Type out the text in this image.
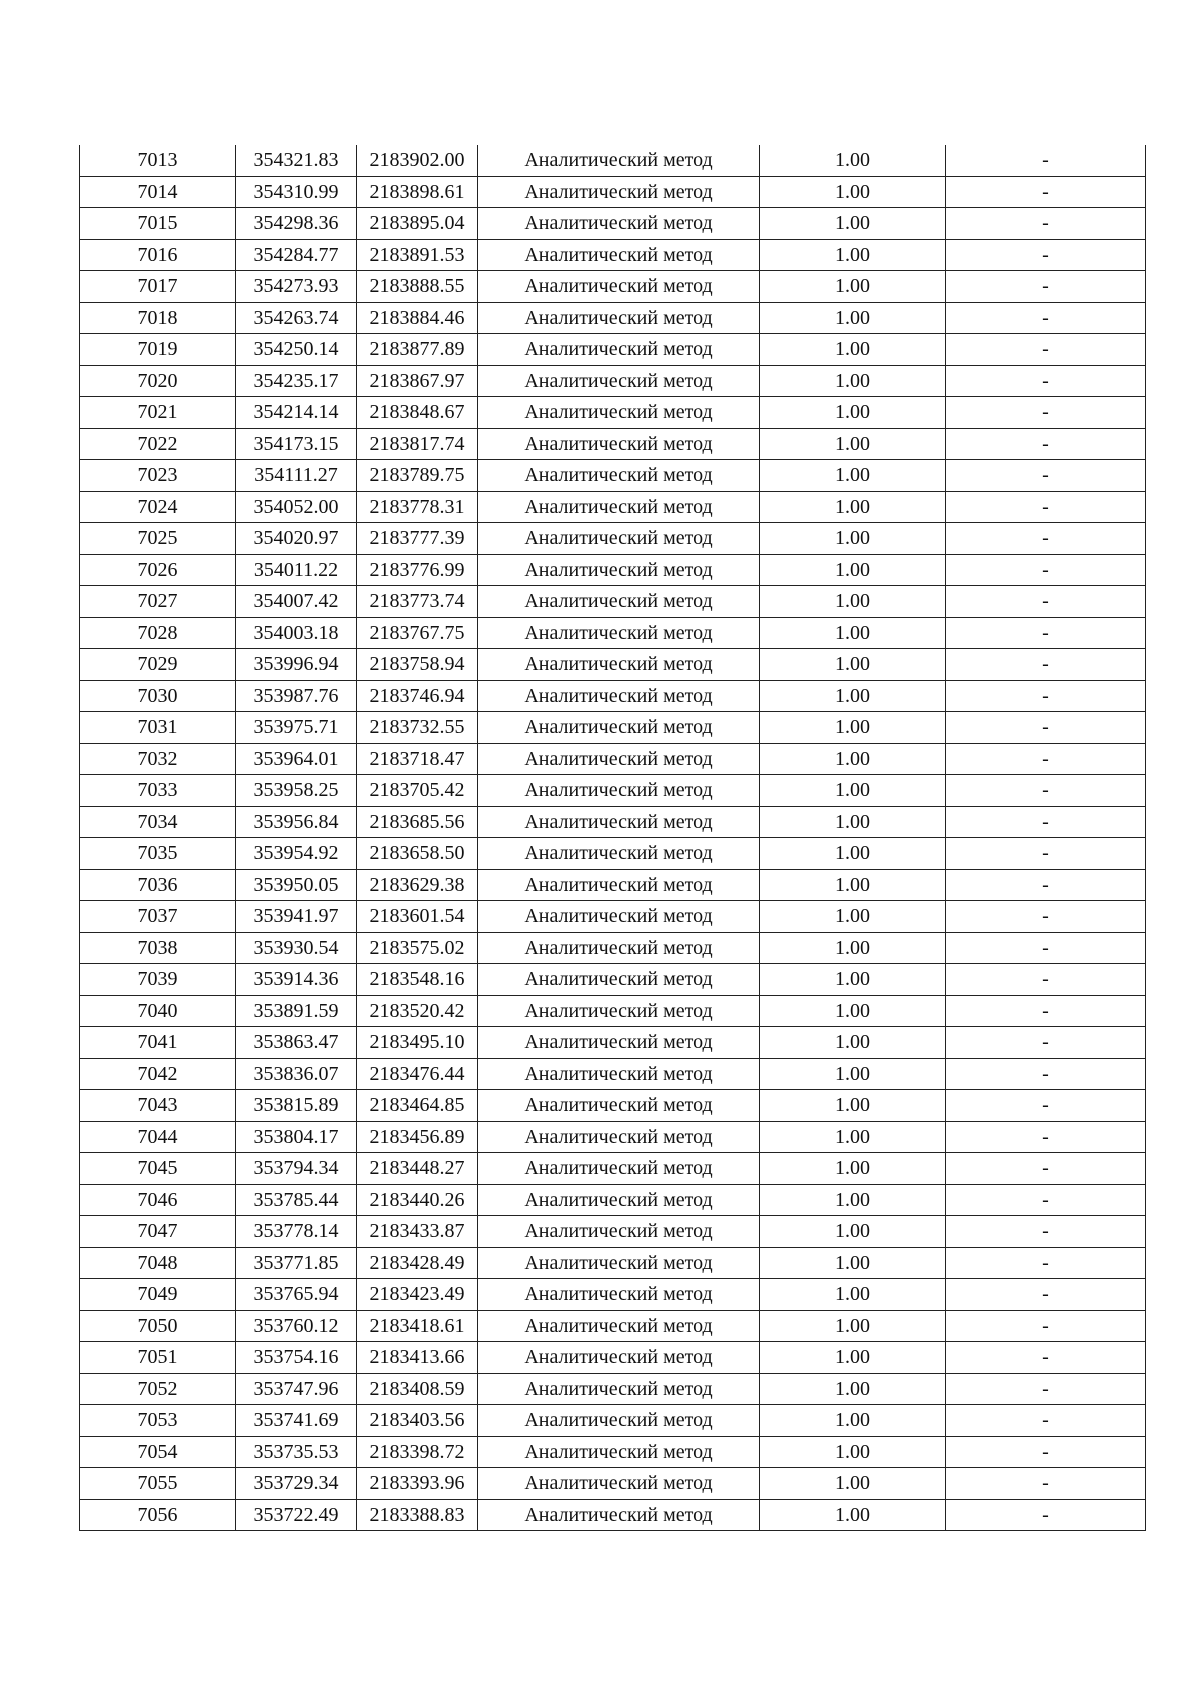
7013	354321.83	2183902.00	Аналитический метод	1.00	-
7014	354310.99	2183898.61	Аналитический метод	1.00	-
7015	354298.36	2183895.04	Аналитический метод	1.00	-
7016	354284.77	2183891.53	Аналитический метод	1.00	-
7017	354273.93	2183888.55	Аналитический метод	1.00	-
7018	354263.74	2183884.46	Аналитический метод	1.00	-
7019	354250.14	2183877.89	Аналитический метод	1.00	-
7020	354235.17	2183867.97	Аналитический метод	1.00	-
7021	354214.14	2183848.67	Аналитический метод	1.00	-
7022	354173.15	2183817.74	Аналитический метод	1.00	-
7023	354111.27	2183789.75	Аналитический метод	1.00	-
7024	354052.00	2183778.31	Аналитический метод	1.00	-
7025	354020.97	2183777.39	Аналитический метод	1.00	-
7026	354011.22	2183776.99	Аналитический метод	1.00	-
7027	354007.42	2183773.74	Аналитический метод	1.00	-
7028	354003.18	2183767.75	Аналитический метод	1.00	-
7029	353996.94	2183758.94	Аналитический метод	1.00	-
7030	353987.76	2183746.94	Аналитический метод	1.00	-
7031	353975.71	2183732.55	Аналитический метод	1.00	-
7032	353964.01	2183718.47	Аналитический метод	1.00	-
7033	353958.25	2183705.42	Аналитический метод	1.00	-
7034	353956.84	2183685.56	Аналитический метод	1.00	-
7035	353954.92	2183658.50	Аналитический метод	1.00	-
7036	353950.05	2183629.38	Аналитический метод	1.00	-
7037	353941.97	2183601.54	Аналитический метод	1.00	-
7038	353930.54	2183575.02	Аналитический метод	1.00	-
7039	353914.36	2183548.16	Аналитический метод	1.00	-
7040	353891.59	2183520.42	Аналитический метод	1.00	-
7041	353863.47	2183495.10	Аналитический метод	1.00	-
7042	353836.07	2183476.44	Аналитический метод	1.00	-
7043	353815.89	2183464.85	Аналитический метод	1.00	-
7044	353804.17	2183456.89	Аналитический метод	1.00	-
7045	353794.34	2183448.27	Аналитический метод	1.00	-
7046	353785.44	2183440.26	Аналитический метод	1.00	-
7047	353778.14	2183433.87	Аналитический метод	1.00	-
7048	353771.85	2183428.49	Аналитический метод	1.00	-
7049	353765.94	2183423.49	Аналитический метод	1.00	-
7050	353760.12	2183418.61	Аналитический метод	1.00	-
7051	353754.16	2183413.66	Аналитический метод	1.00	-
7052	353747.96	2183408.59	Аналитический метод	1.00	-
7053	353741.69	2183403.56	Аналитический метод	1.00	-
7054	353735.53	2183398.72	Аналитический метод	1.00	-
7055	353729.34	2183393.96	Аналитический метод	1.00	-
7056	353722.49	2183388.83	Аналитический метод	1.00	-
